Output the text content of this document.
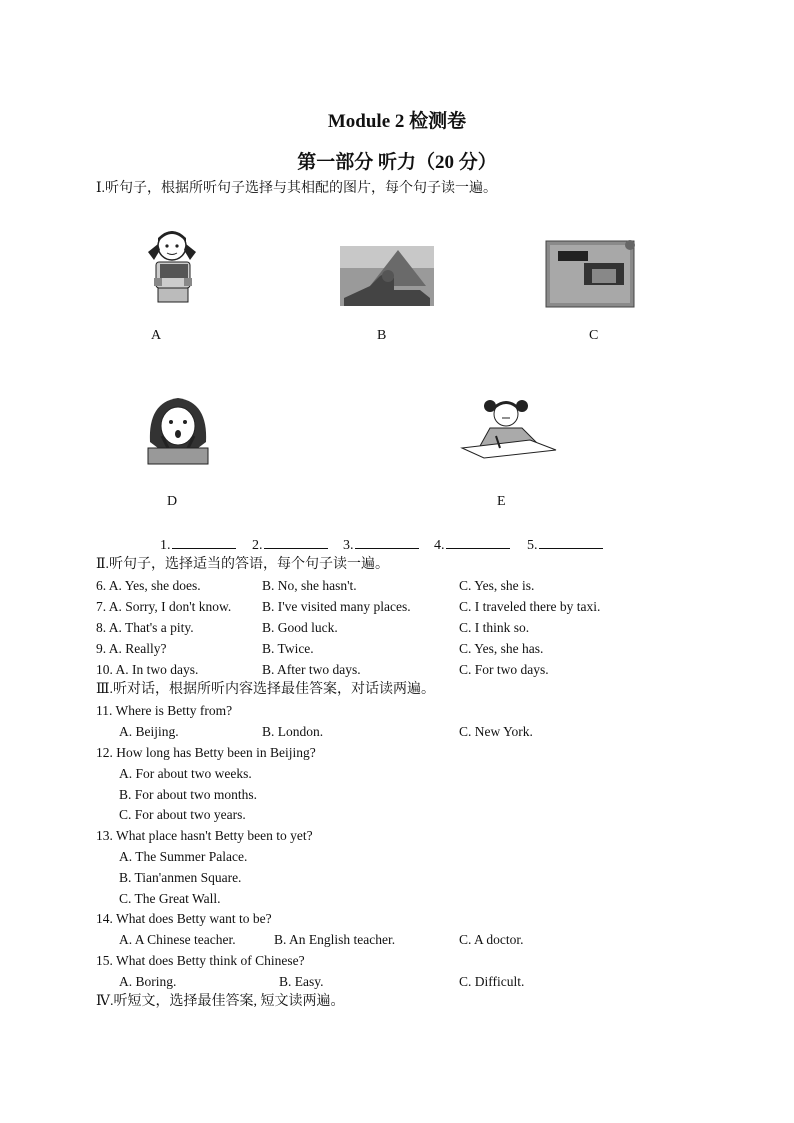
Module 2 检测卷
第一部分 听力（20 分）
Ⅰ.听句子，根据所听句子选择与其相配的图片，每个句子读一遍。
A	B	C
D	E
1.	2.	3.	4.	5.
Ⅱ.听句子，选择适当的答语，每个句子读一遍。
6. A. Yes, she does.	B. No, she hasn't.	C. Yes, she is.
7. A. Sorry, I don't know. B. I've visited many places.	C. I traveled there by taxi.
8. A. That's a pity.	B. Good luck.	C. I think so.
9. A. Really?	B. Twice.	C. Yes, she has.
10. A. In two days.	B. After two days.	C. For two days.
Ⅲ.听对话，根据所听内容选择最佳答案，对话读两遍。
11. Where is Betty from?
A. Beijing.	B. London.	C. New York.
12. How long has Betty been in Beijing?
A. For about two weeks.
B. For about two months.
C. For about two years.
13. What place hasn't Betty been to yet?
A. The Summer Palace.
B. Tian'anmen Square.
C. The Great Wall.
14. What does Betty want to be?
A. A Chinese teacher.	B. An English teacher.	C. A doctor.
15. What does Betty think of Chinese?
A. Boring.	B. Easy.	C. Difficult.
Ⅳ.听短文，选择最佳答案, 短文读两遍。
